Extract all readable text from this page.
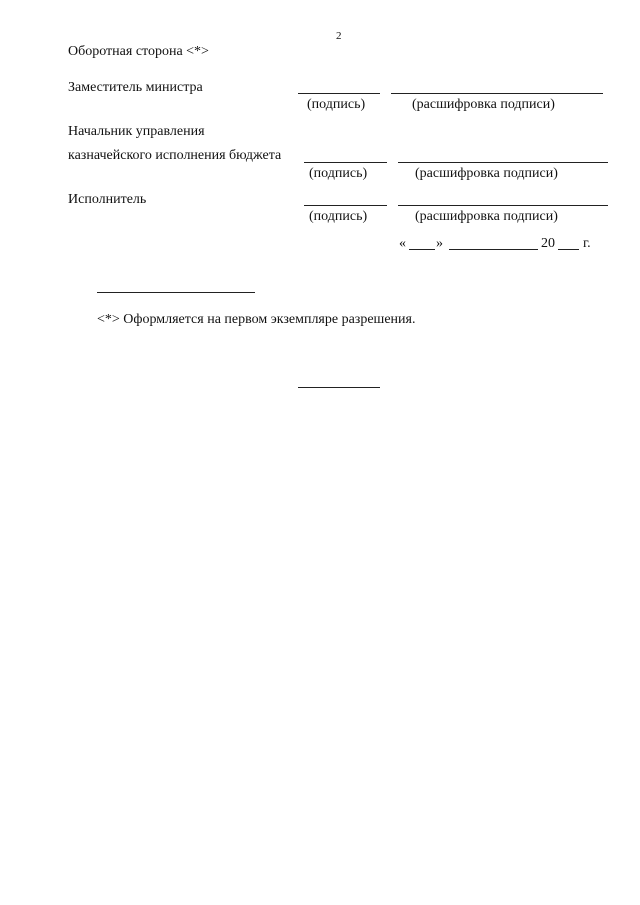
2
Оборотная сторона <*>
Заместитель министра
(подпись)	(расшифровка подписи)
Начальник управления
казначейского исполнения бюджета
(подпись)	(расшифровка подписи)
Исполнитель
(подпись)	(расшифровка подписи)
« »	20 г.
<*> Оформляется на первом экземпляре разрешения.
